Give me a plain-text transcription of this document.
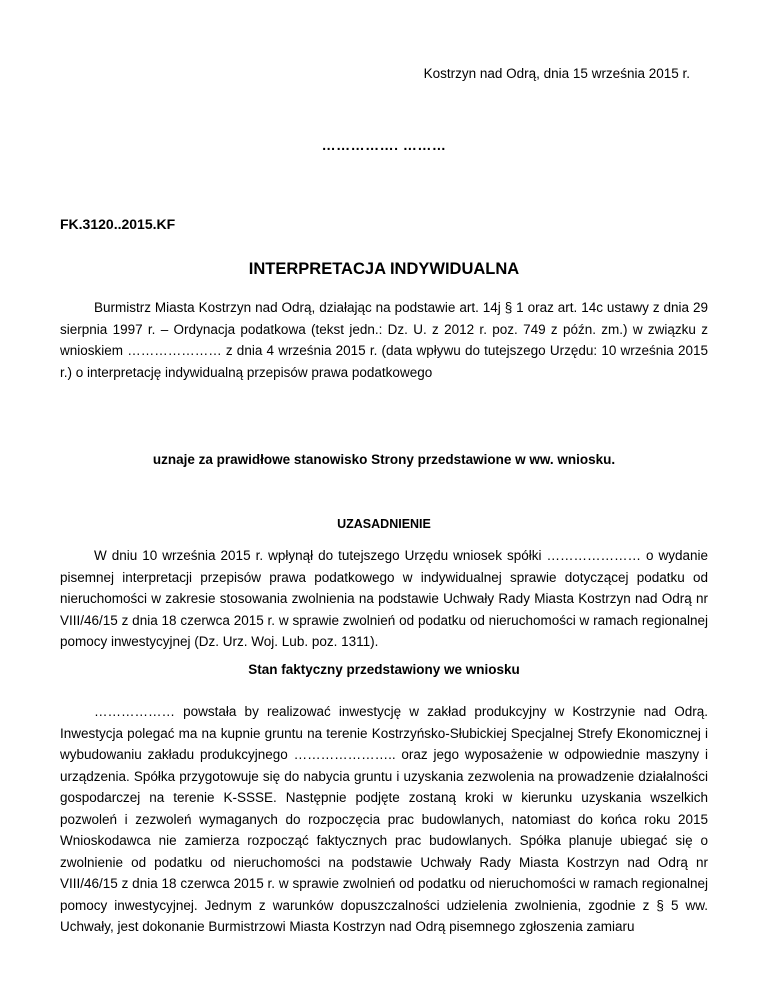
Kostrzyn nad Odrą, dnia 15 września 2015 r.
……………. ………
FK.3120..2015.KF
INTERPRETACJA INDYWIDUALNA

Burmistrz Miasta Kostrzyn nad Odrą, działając na podstawie art. 14j § 1 oraz art. 14c ustawy z dnia 29 sierpnia 1997 r. – Ordynacja podatkowa (tekst jedn.: Dz. U. z 2012 r. poz. 749 z późn. zm.) w związku z wnioskiem ………………… z dnia 4 września 2015 r. (data wpływu do tutejszego Urzędu: 10 września 2015 r.) o interpretację indywidualną przepisów prawa podatkowego

uznaje za prawidłowe stanowisko Strony przedstawione w ww. wniosku.
UZASADNIENIE

W dniu 10 września 2015 r. wpłynął do tutejszego Urzędu wniosek spółki ………………… o wydanie pisemnej interpretacji przepisów prawa podatkowego w indywidualnej sprawie dotyczącej podatku od nieruchomości w zakresie stosowania zwolnienia na podstawie Uchwały Rady Miasta Kostrzyn nad Odrą nr VIII/46/15 z dnia 18 czerwca 2015 r. w sprawie zwolnień od podatku od nieruchomości w ramach regionalnej pomocy inwestycyjnej (Dz. Urz. Woj. Lub. poz. 1311).

Stan faktyczny przedstawiony we wniosku

……………… powstała by realizować inwestycję w zakład produkcyjny w Kostrzynie nad Odrą. Inwestycja polegać ma na kupnie gruntu na terenie Kostrzyńsko-Słubickiej Specjalnej Strefy Ekonomicznej i wybudowaniu zakładu produkcyjnego ………………….. oraz jego wyposażenie w odpowiednie maszyny i urządzenia. Spółka przygotowuje się do nabycia gruntu i uzyskania zezwolenia na prowadzenie działalności gospodarczej na terenie K-SSSE. Następnie podjęte zostaną kroki w kierunku uzyskania wszelkich pozwoleń i zezwoleń wymaganych do rozpoczęcia prac budowlanych, natomiast do końca roku 2015 Wnioskodawca nie zamierza rozpocząć faktycznych prac budowlanych. Spółka planuje ubiegać się o zwolnienie od podatku od nieruchomości na podstawie Uchwały Rady Miasta Kostrzyn nad Odrą nr VIII/46/15 z dnia 18 czerwca 2015 r. w sprawie zwolnień od podatku od nieruchomości w ramach regionalnej pomocy inwestycyjnej. Jednym z warunków dopuszczalności udzielenia zwolnienia, zgodnie z § 5 ww. Uchwały, jest dokonanie Burmistrzowi Miasta Kostrzyn nad Odrą pisemnego zgłoszenia zamiaru
